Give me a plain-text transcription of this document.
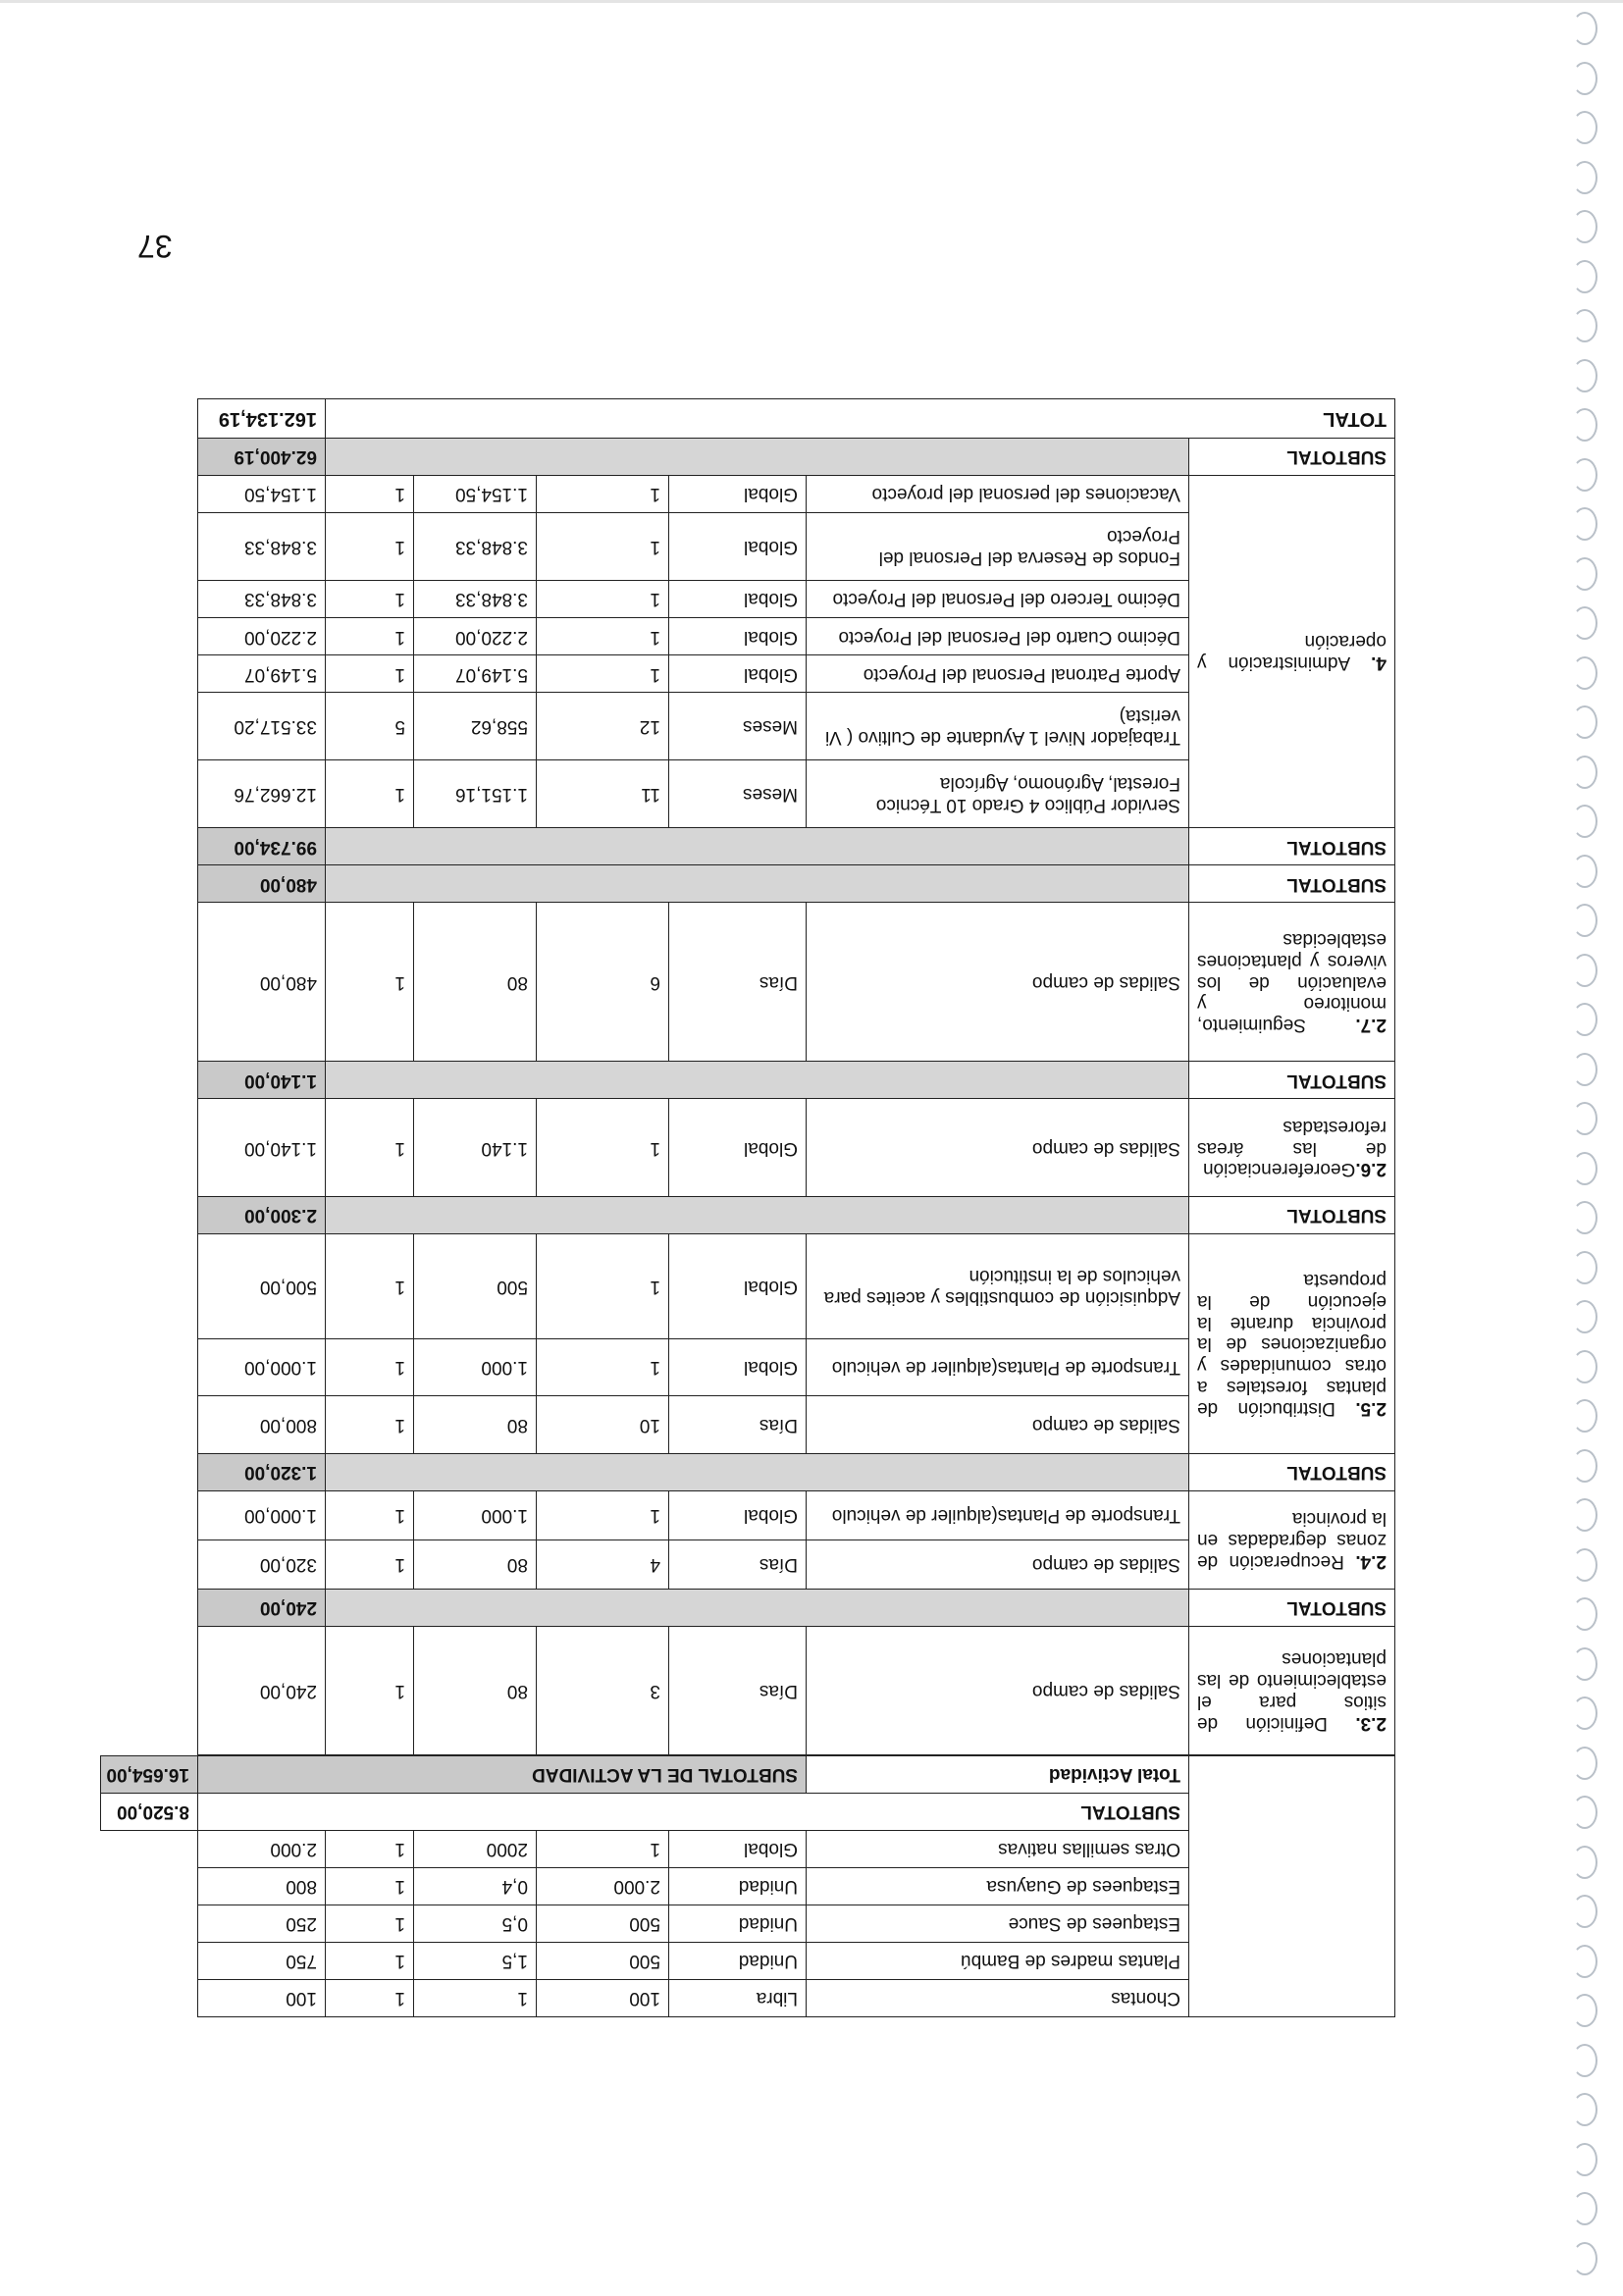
37
	Chontas	Libra	100	1	1	100	
	Plantas madres de Bambú	Unidad	500	1,5	1	750	
	Estaquees de Sauce	Unidad	500	0,5	1	250	
	Estaquees de Guayusa	Unidad	2.000	0,4	1	800	
	Otras semillas nativas	Global	1	2000	1	2.000	
	SUBTOTAL						8.520,00
	Total Actividad	SUBTOTAL DE LA ACTIVIDAD					16.654,00

2.3. Definición de sitios para el establecimiento de las plantaciones	Salidas de campo	Días	3	80	1	240,00	
SUBTOTAL						240,00	
2.4. Recuperación de zonas degradadas en la provincia	Salidas de campo	Días	4	80	1	320,00	
	Transporte de Plantas(alquiler de vehiculo	Global	1	1.000	1	1.000,00	
SUBTOTAL						1.320,00	
2.5. Distribución de plantas forestales a otras comunidades y organizaciones de la provincia durante la ejecución de la propuesta	Salidas de campo	Días	10	80	1	800,00	
	Transporte de Plantas(alquiler de vehiculo	Global	1	1.000	1	1.000,00	
	Adquisición de combustibles y aceites para vehiculos de la institución	Global	1	500	1	500,00	
SUBTOTAL						2.300,00	
2.6.Georeferenciación de las áreas reforestadas	Salidas de campo	Global	1	1.140	1	1.140,00	
SUBTOTAL						1.140,00	
2.7. Seguimiento, monitoreo y evaluación de los viveros y plantaciones establecidas	Salidas de campo	Días	6	80	1	480,00	
SUBTOTAL						480,00	
SUBTOTAL						99.734,00	
4. Administración y operación	Servidor Público 4 Grado 10 Técnico Forestal, Agrónomo, Agrícola	Meses	11	1.151,16	1	12.662,76	
	Trabajador Nivel 1 Ayudante de Cultivo ( Vi verista)	Meses	12	558,62	5	33.517,20	
	Aporte Patronal Personal del Proyecto	Global	1	5.149,07	1	5.149,07	
	Décimo Cuarto del Personal del Proyecto	Global	1	2.220,00	1	2.220,00	
	Décimo Tercero del Personal del Proyecto	Global	1	3.848,33	1	3.848,33	
	Fondos de Reserva del Personal del Proyecto	Global	1	3.848,33	1	3.848,33	
	Vacaciones del personal del proyecto	Global	1	1.154,50	1	1.154,50	
SUBTOTAL						62.400,19	
TOTAL						162.134,19	
